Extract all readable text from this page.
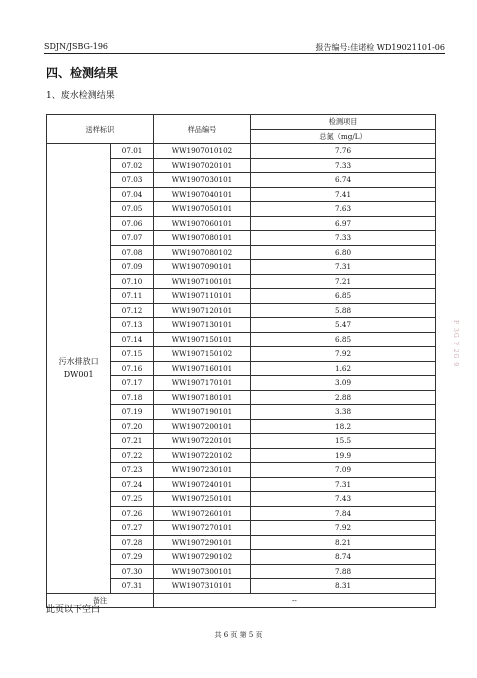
SDJN/JSBG-196	报告编号:佳诺检 WD19021101-06
四、检测结果
1、废水检测结果
送样标识		样品编号	检测项目
			总氮（mg/L）

污水排放口
DW001	07.01	WW1907010102	7.76
	07.02	WW1907020101	7.33
	07.03	WW1907030101	6.74
	07.04	WW1907040101	7.41
	07.05	WW1907050101	7.63
	07.06	WW1907060101	6.97
	07.07	WW1907080101	7.33
	07.08	WW1907080102	6.80
	07.09	WW1907090101	7.31
	07.10	WW1907100101	7.21
	07.11	WW1907110101	6.85
	07.12	WW1907120101	5.88
	07.13	WW1907130101	5.47
	07.14	WW1907150101	6.85
	07.15	WW1907150102	7.92
	07.16	WW1907160101	1.62
	07.17	WW1907170101	3.09
	07.18	WW1907180101	2.88
	07.19	WW1907190101	3.38
	07.20	WW1907200101	18.2
	07.21	WW1907220101	15.5
	07.22	WW1907220102	19.9
	07.23	WW1907230101	7.09
	07.24	WW1907240101	7.31
	07.25	WW1907250101	7.43
	07.26	WW1907260101	7.84
	07.27	WW1907270101	7.92
	07.28	WW1907290101	8.21
	07.29	WW1907290102	8.74
	07.30	WW1907300101	7.88
	07.31	WW1907310101	8.31
备注		--	
此页以下空白
共 6 页 第 5 页
F 3G ? 2G 9
